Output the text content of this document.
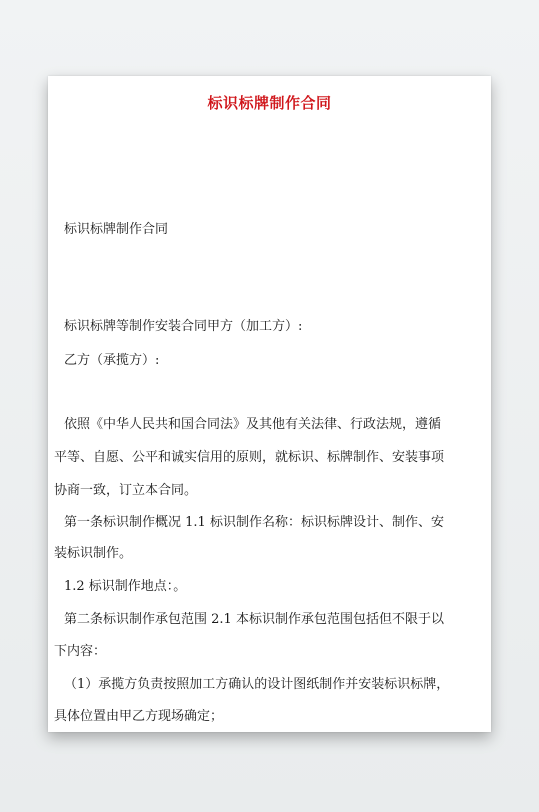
标识标牌制作合同
标识标牌制作合同
标识标牌等制作安装合同甲方（加工方）:
乙方（承揽方）:
依照《中华人民共和国合同法》及其他有关法律、行政法规，遵循
平等、自愿、公平和诚实信用的原则，就标识、标牌制作、安装事项
协商一致，订立本合同。
第一条标识制作概况 1.1 标识制作名称：标识标牌设计、制作、安
装标识制作。
1.2 标识制作地点：。
第二条标识制作承包范围 2.1 本标识制作承包范围包括但不限于以
下内容：
（1）承揽方负责按照加工方确认的设计图纸制作并安装标识标牌，
具体位置由甲乙方现场确定；
